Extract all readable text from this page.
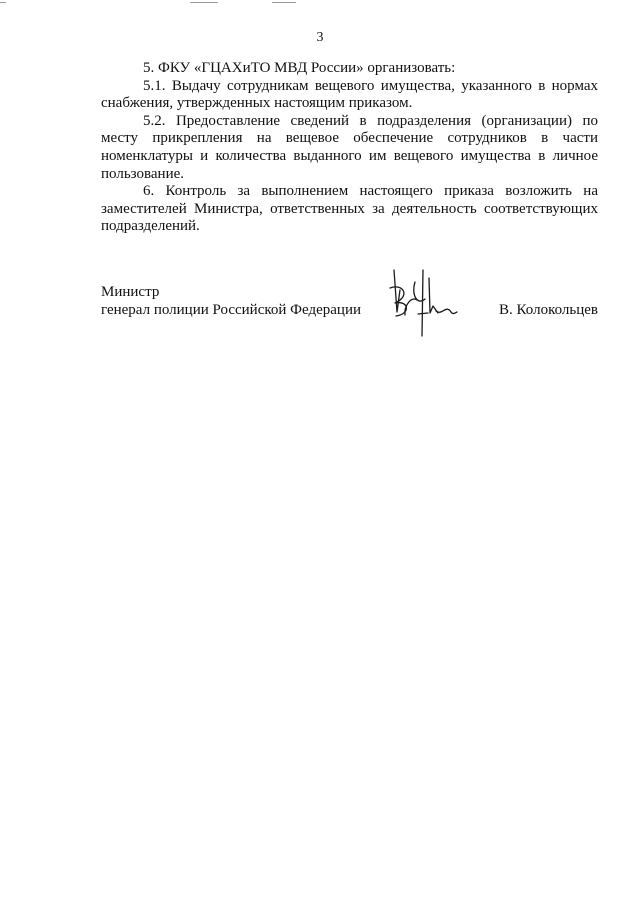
3

5. ФКУ «ГЦАХиТО МВД России» организовать:

5.1. Выдачу сотрудникам вещевого имущества, указанного в нормах снабжения, утвержденных настоящим приказом.

5.2. Предоставление сведений в подразделения (организации) по месту прикрепления на вещевое обеспечение сотрудников в части номенклатуры и количества выданного им вещевого имущества в личное пользование.

6. Контроль за выполнением настоящего приказа возложить на заместителей Министра, ответственных за деятельность соответствующих подразделений.

Министр
генерал полиции Российской Федерации	В. Колокольцев
